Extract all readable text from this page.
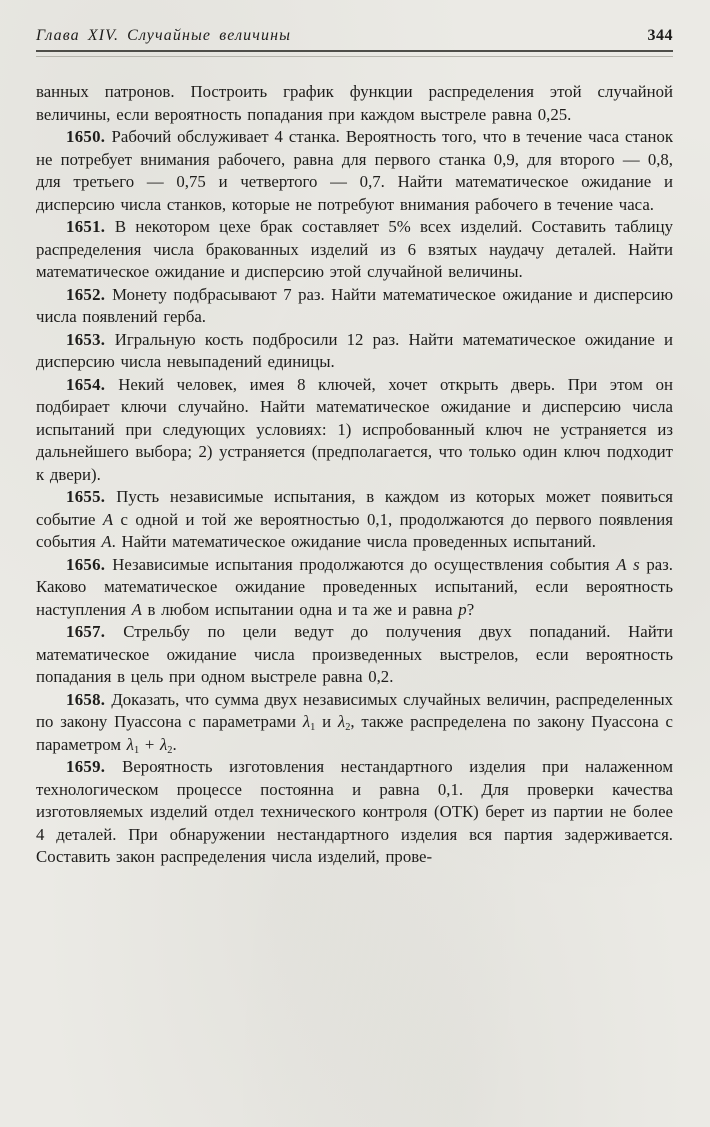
Глава XIV. Случайные величины	344

ванных патронов. Построить график функции распределения этой случайной величины, если вероятность попадания при каждом выстреле равна 0,25.

1650. Рабочий обслуживает 4 станка. Вероятность того, что в течение часа станок не потребует внимания рабочего, равна для первого станка 0,9, для второго — 0,8, для третьего — 0,75 и четвертого — 0,7. Найти математическое ожидание и дисперсию числа станков, которые не потребуют внимания рабочего в течение часа.

1651. В некотором цехе брак составляет 5% всех изделий. Составить таблицу распределения числа бракованных изделий из 6 взятых наудачу деталей. Найти математическое ожидание и дисперсию этой случайной величины.

1652. Монету подбрасывают 7 раз. Найти математическое ожидание и дисперсию числа появлений герба.

1653. Игральную кость подбросили 12 раз. Найти математическое ожидание и дисперсию числа невыпадений единицы.

1654. Некий человек, имея 8 ключей, хочет открыть дверь. При этом он подбирает ключи случайно. Найти математическое ожидание и дисперсию числа испытаний при следующих условиях: 1) испробованный ключ не устраняется из дальнейшего выбора; 2) устраняется (предполагается, что только один ключ подходит к двери).

1655. Пусть независимые испытания, в каждом из которых может появиться событие A с одной и той же вероятностью 0,1, продолжаются до первого появления события A. Найти математическое ожидание числа проведенных испытаний.

1656. Независимые испытания продолжаются до осуществления события A s раз. Каково математическое ожидание проведенных испытаний, если вероятность наступления A в любом испытании одна и та же и равна p?

1657. Стрельбу по цели ведут до получения двух попаданий. Найти математическое ожидание числа произведенных выстрелов, если вероятность попадания в цель при одном выстреле равна 0,2.

1658. Доказать, что сумма двух независимых случайных величин, распределенных по закону Пуассона с параметрами $\lambda_1$ и $\lambda_2$, также распределена по закону Пуассона с параметром $\lambda_1 + \lambda_2$.

1659. Вероятность изготовления нестандартного изделия при налаженном технологическом процессе постоянна и равна 0,1. Для проверки качества изготовляемых изделий отдел технического контроля (ОТК) берет из партии не более 4 деталей. При обнаружении нестандартного изделия вся партия задерживается. Составить закон распределения числа изделий, прове-
